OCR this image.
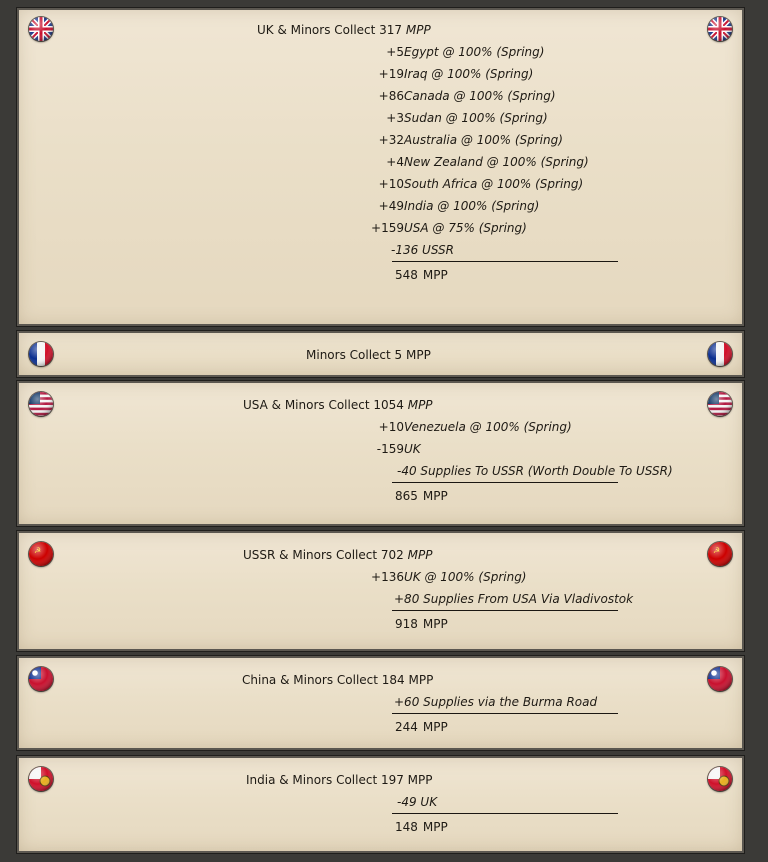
UK & Minors Collect 317 MPP
+5 Egypt @ 100% (Spring)
+19 Iraq @ 100% (Spring)
+86 Canada @ 100% (Spring)
+3 Sudan @ 100% (Spring)
+32 Australia @ 100% (Spring)
+4 New Zealand @ 100% (Spring)
+10 South Africa @ 100% (Spring)
+49 India @ 100% (Spring)
+159 USA @ 75% (Spring)
-136 USSR
548 MPP
Minors Collect 5 MPP
USA & Minors Collect 1054 MPP
+10 Venezuela @ 100% (Spring)
-159 UK
-40 Supplies To USSR (Worth Double To USSR)
865 MPP
USSR & Minors Collect 702 MPP
+136 UK @ 100% (Spring)
+80 Supplies From USA Via Vladivostok
918 MPP
China & Minors Collect 184 MPP
+60 Supplies via the Burma Road
244 MPP
India & Minors Collect 197 MPP
-49 UK
148 MPP
